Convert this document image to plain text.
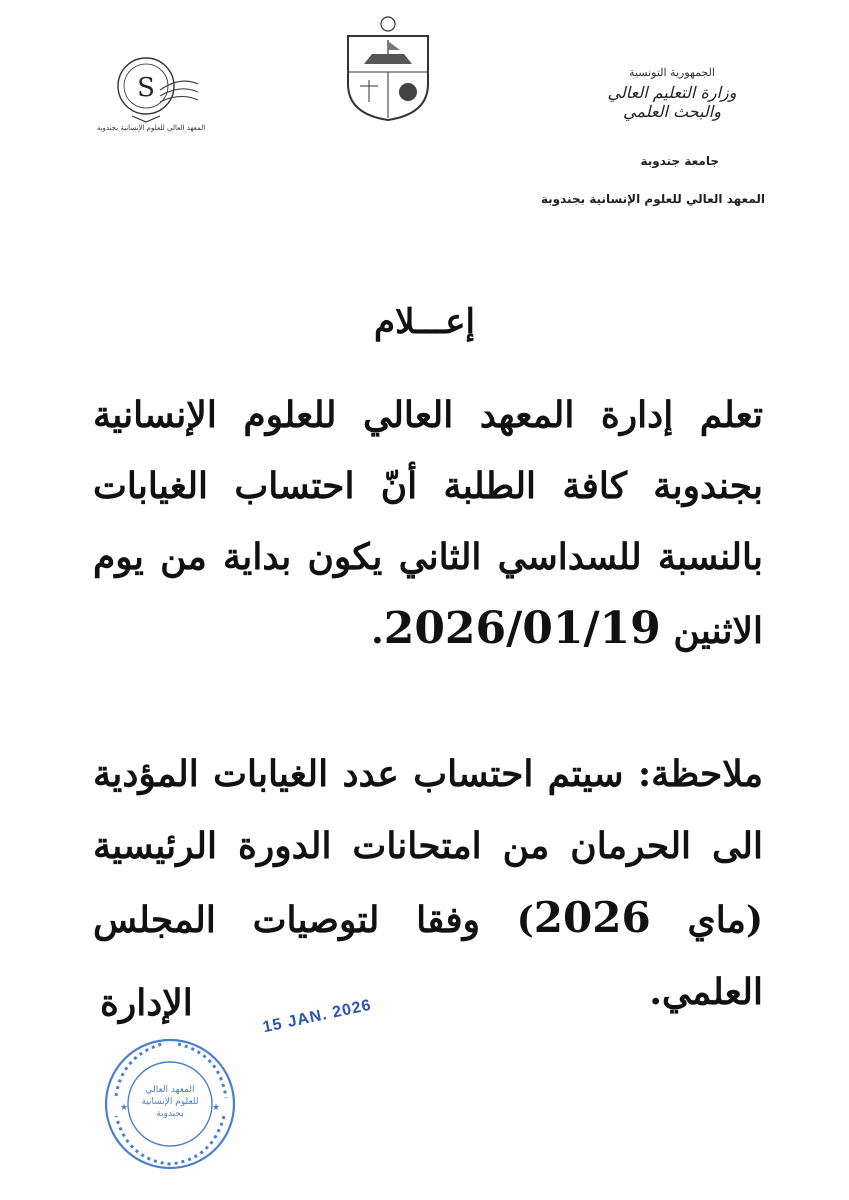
S
المعهد العالي للعلوم الإنسانية بجندوبة
الجمهورية التونسية
وزارة التعليم العالي
والبحث العلمي
جامعة جندوبة
المعهد العالي للعلوم الإنسانية بجندوبة
إعـــلام
تعلم إدارة المعهد العالي للعلوم الإنسانية بجندوبة كافة الطلبة أنّ احتساب الغيابات بالنسبة للسداسي الثاني يكون بداية من يوم الاثنين 2026/01/19.
ملاحظة: سيتم احتساب عدد الغيابات المؤدية الى الحرمان من امتحانات الدورة الرئيسية (ماي 2026) وفقا لتوصيات المجلس العلمي.
الإدارة	15 JAN. 2026
★	★
المعهد العالي للعلوم الإنسانية بجندوبة
